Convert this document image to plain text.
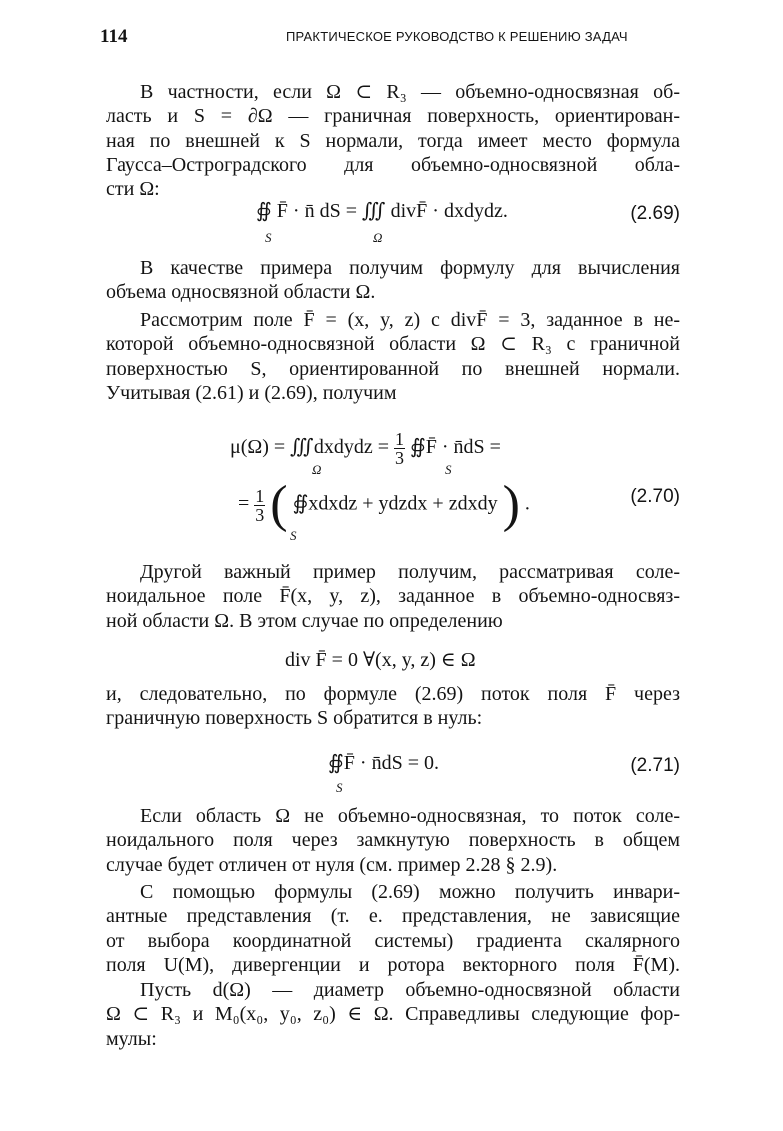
114	ПРАКТИЧЕСКОЕ РУКОВОДСТВО К РЕШЕНИЮ ЗАДАЧ
В частности, если Ω ⊂ R₃ — объемно-односвязная об-
ласть и S = ∂Ω — граничная поверхность, ориентирован-
ная по внешней к S нормали, тогда имеет место формула
Гаусса–Остроградского для объемно-односвязной обла-
сти Ω:
∯ F̄ · n̄ dS = ∭ divF̄ · dxdydz.
S	Ω
(2.69)
В качестве примера получим формулу для вычисления
объема односвязной области Ω.
Рассмотрим поле F̄ = (x, y, z) с divF̄ = 3, заданное в не-
которой объемно-односвязной области Ω ⊂ R₃ с граничной
поверхностью S, ориентированной по внешней нормали.
Учитывая (2.61) и (2.69), получим
μ(Ω) = ∭dxdydz = $\frac{1}{3}$ ∯F̄ · n̄dS =
Ω	S
= $\frac{1}{3}$ ( ∯xdxdz + ydzdx + zdxdy ) .
S
(2.70)
Другой важный пример получим, рассматривая соле-
ноидальное поле F̄(x, y, z), заданное в объемно-односвяз-
ной области Ω. В этом случае по определению
div F̄ = 0 ∀(x, y, z) ∈ Ω
и, следовательно, по формуле (2.69) поток поля F̄ через
граничную поверхность S обратится в нуль:
∯F̄ · n̄dS = 0.
S
(2.71)
Если область Ω не объемно-односвязная, то поток соле-
ноидального поля через замкнутую поверхность в общем
случае будет отличен от нуля (см. пример 2.28 § 2.9).
С помощью формулы (2.69) можно получить инвари-
антные представления (т. е. представления, не зависящие
от выбора координатной системы) градиента скалярного
поля U(M), дивергенции и ротора векторного поля F̄(M).
Пусть d(Ω) — диаметр объемно-односвязной области
Ω ⊂ R₃ и M₀(x₀, y₀, z₀) ∈ Ω. Справедливы следующие фор-
мулы:
